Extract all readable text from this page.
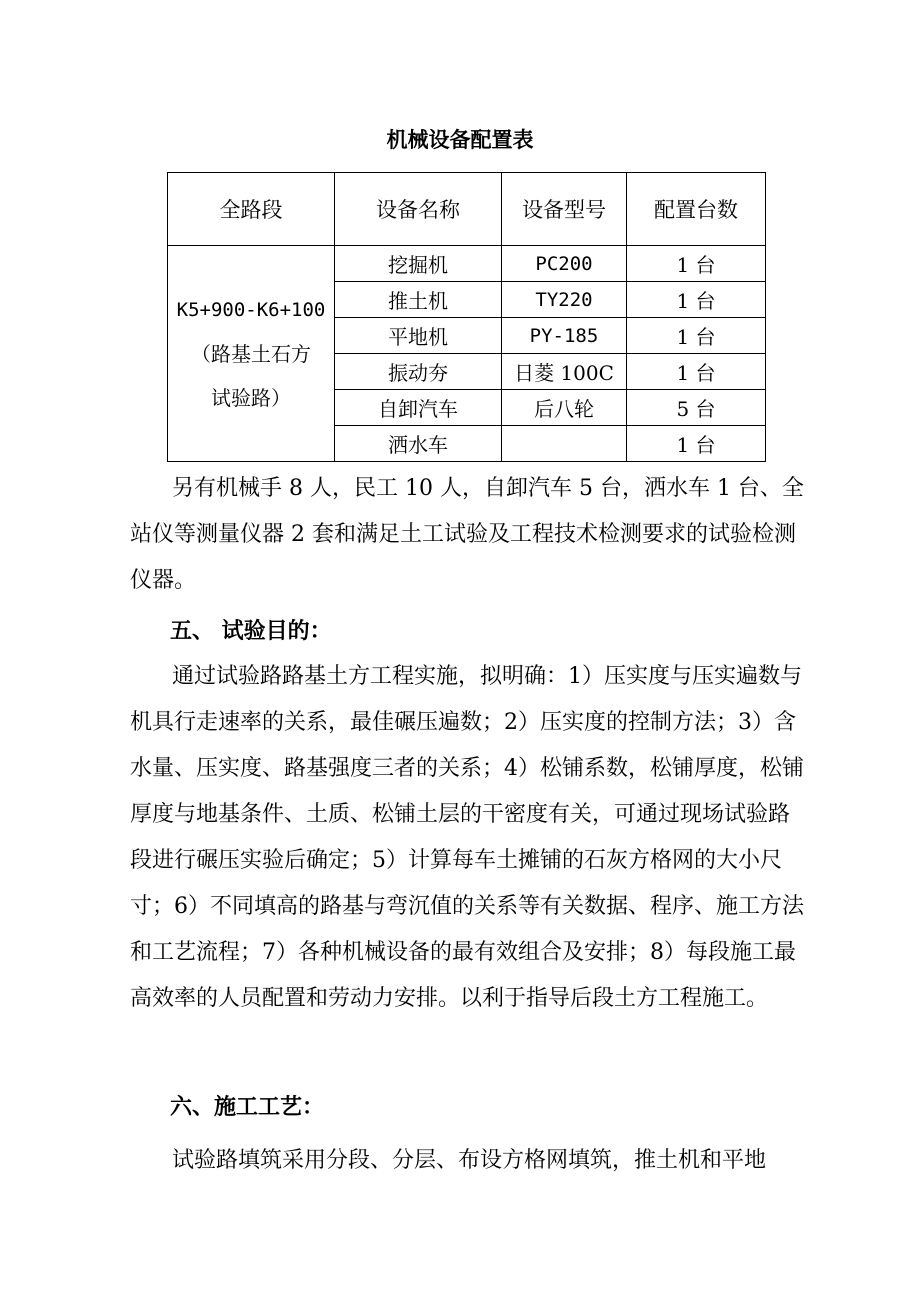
机械设备配置表
全路段	设备名称	设备型号	配置台数

K5+900-K6+100
（路基土石方
试验路）	挖掘机	PC200	1 台
	推土机	TY220	1 台
	平地机	PY-185	1 台
	振动夯	日菱 100C	1 台
	自卸汽车	后八轮	5 台
	洒水车		1 台

另有机械手 8 人，民工 10 人，自卸汽车 5 台，洒水车 1 台、全站仪等测量仪器 2 套和满足土工试验及工程技术检测要求的试验检测仪器。

五、 试验目的：

通过试验路路基土方工程实施，拟明确：1）压实度与压实遍数与机具行走速率的关系，最佳碾压遍数；2）压实度的控制方法；3）含水量、压实度、路基强度三者的关系；4）松铺系数，松铺厚度，松铺厚度与地基条件、土质、松铺土层的干密度有关，可通过现场试验路段进行碾压实验后确定；5）计算每车土摊铺的石灰方格网的大小尺寸；6）不同填高的路基与弯沉值的关系等有关数据、程序、施工方法和工艺流程；7）各种机械设备的最有效组合及安排；8）每段施工最高效率的人员配置和劳动力安排。以利于指导后段土方工程施工。

六、施工工艺：

试验路填筑采用分段、分层、布设方格网填筑，推土机和平地
